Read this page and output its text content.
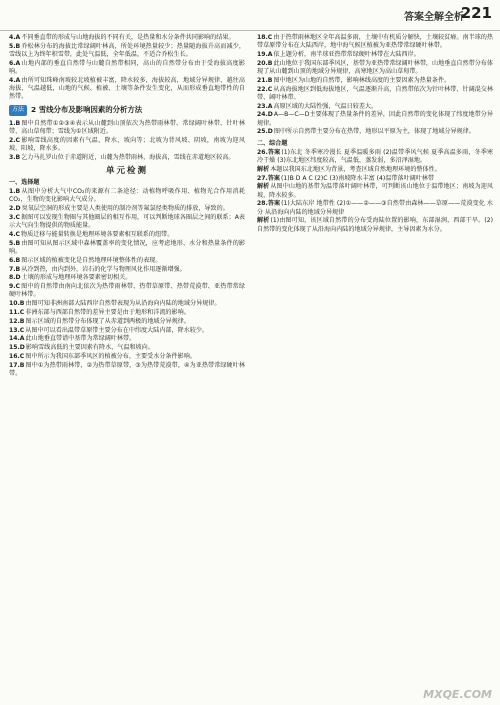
答案全解全析
221

4.A不同垂直带的形成与山地海拔的不同有关，是热量和水分条件共同影响的结果。

5.B乔松林分布的海拔比常绿阔叶林高，所处环境热量较少；热量随海拔升高而减少，雪线以上为终年积雪带，此处气温低，全年低温，不适合乔松生长。

6.A山地内部的垂直自然带与山麓自然带相同，高山的自然带分布由于受海拔高度影响。

4.A由所可知珠峰南坡较北坡植被丰富，降水较多，海拔较高，地域分异规律，越往高海拔、气温越低，山地的气候、植被、土壤等条件发生变化，从而形成垂直地带性的自然带。

方法 2 雪线分布及影响因素的分析方法

1.B图中自然带①②③④表示从山麓到山顶依次为热带雨林带、常绿阔叶林带、针叶林带、高山草甸带；雪线为①区域附近。

2.C影响雪线高度的因素有气温、降水、坡向等；北坡为背风坡、阴坡，南坡为迎风坡、阳坡，降水多。

3.B乞力马扎罗山位于赤道附近，山麓为热带雨林，海拔高，雪线在赤道地区较高。

单元检测
一、选择题

1.B从图中分析大气中CO₂的来源有二条途径：动植物呼吸作用、植物光合作用消耗CO₂，生物的变化影响大气成分。

2.D臭氧层空洞的形成主要是人类使用的制冷剂等氟氯烃类物质的排放，导致的。

3.C据图可以发现生物圈与其他圈层的相互作用，可以判断地球各圈层之间的联系；A表示大气向生物提供的物质能量。

4.C物质迁移与能量转换是地理环境各要素相互联系的纽带。

5.B由图可知从图示区域中森林覆盖率的变化情况，应考虑地形、水分和热量条件的影响。

6.B图示区域的植被变化是自然地理环境整体性的表现。

7.B从冷到热，由内到外，岩石的化学与物理风化作用逐渐增强。

8.D土壤的形成与地理环境各要素密切相关。

9.C图中的自然带由南向北依次为热带雨林带、热带草原带、热带荒漠带、亚热带常绿硬叶林带。

10.B由图可知非洲南部大陆西岸自然带表现为从沿海向内陆的地域分异规律。

11.C非洲东部与西部自然带的差异主要是由于地形和洋流的影响。

12.B图示区域的自然带分布体现了从赤道到两极的地域分异规律。

13.C从图中可以看出温带草原带主要分布在中纬度大陆内部，降水较少。

14.A此山地垂直带谱中基带为常绿阔叶林带。

15.D影响雪线高低的主要因素有降水、气温和坡向。

16.C图中所示为我国东部季风区的植被分布，主要受水分条件影响。

17.B图中①为热带雨林带，②为热带草原带，③为热带荒漠带，④为亚热带常绿硬叶林带。

18.C由于热带雨林地区全年高温多雨，土壤中有机质分解快，土壤较贫瘠。南半球的热带草原带分布在大陆西岸，地中海气候区植被为亚热带常绿硬叶林带。

19.A依上题分析，南半球亚热带常绿硬叶林带在大陆西岸。

20.B此山地位于我国东部季风区，基带为亚热带常绿阔叶林带，山地垂直自然带分布体现了从山麓到山顶的地域分异规律，高寒地区为高山草甸带。

21.B图中地区为山地的自然带，影响林线高度的主要因素为热量条件。

22.C从高海拔地区到低海拔地区，气温逐渐升高，自然带依次为针叶林带、针阔混交林带、阔叶林带。

23.A高原区域的大陆性强，气温日较差大。

24.DA—B—C—D主要体现了热量条件的差异，因此自然带的变化体现了纬度地带分异规律。

25.D图中所示自然带主要分布在热带，地形以平原为主，体现了地域分异规律。

二、综合题

26.答案(1)东北 冬季寒冷漫长 夏季温暖多雨 (2)温带季风气候 夏季高温多雨，冬季寒冷干燥 (3)东北地区纬度较高，气温低，蒸发弱，多沼泽湿地。

解析本题以我国东北地区为背景，考查区域自然地理环境的整体性。

27.答案(1)B D A C (2)C (3)南坡降水丰富 (4)温带落叶阔叶林带

解析从图中山地的基带为温带落叶阔叶林带，可判断该山地位于温带地区；南坡为迎风坡，降水较多。

28.答案(1)大陆东岸 地带性 (2)①——②——③自然带由森林——草原——荒漠变化 水分 从沿海向内陆的地域分异规律

解析(1)由图可知，该区域自然带的分布受海陆位置的影响，东部湿润，西部干旱。(2)自然带的变化体现了从沿海向内陆的地域分异规律，主导因素为水分。

MXQE.COM
